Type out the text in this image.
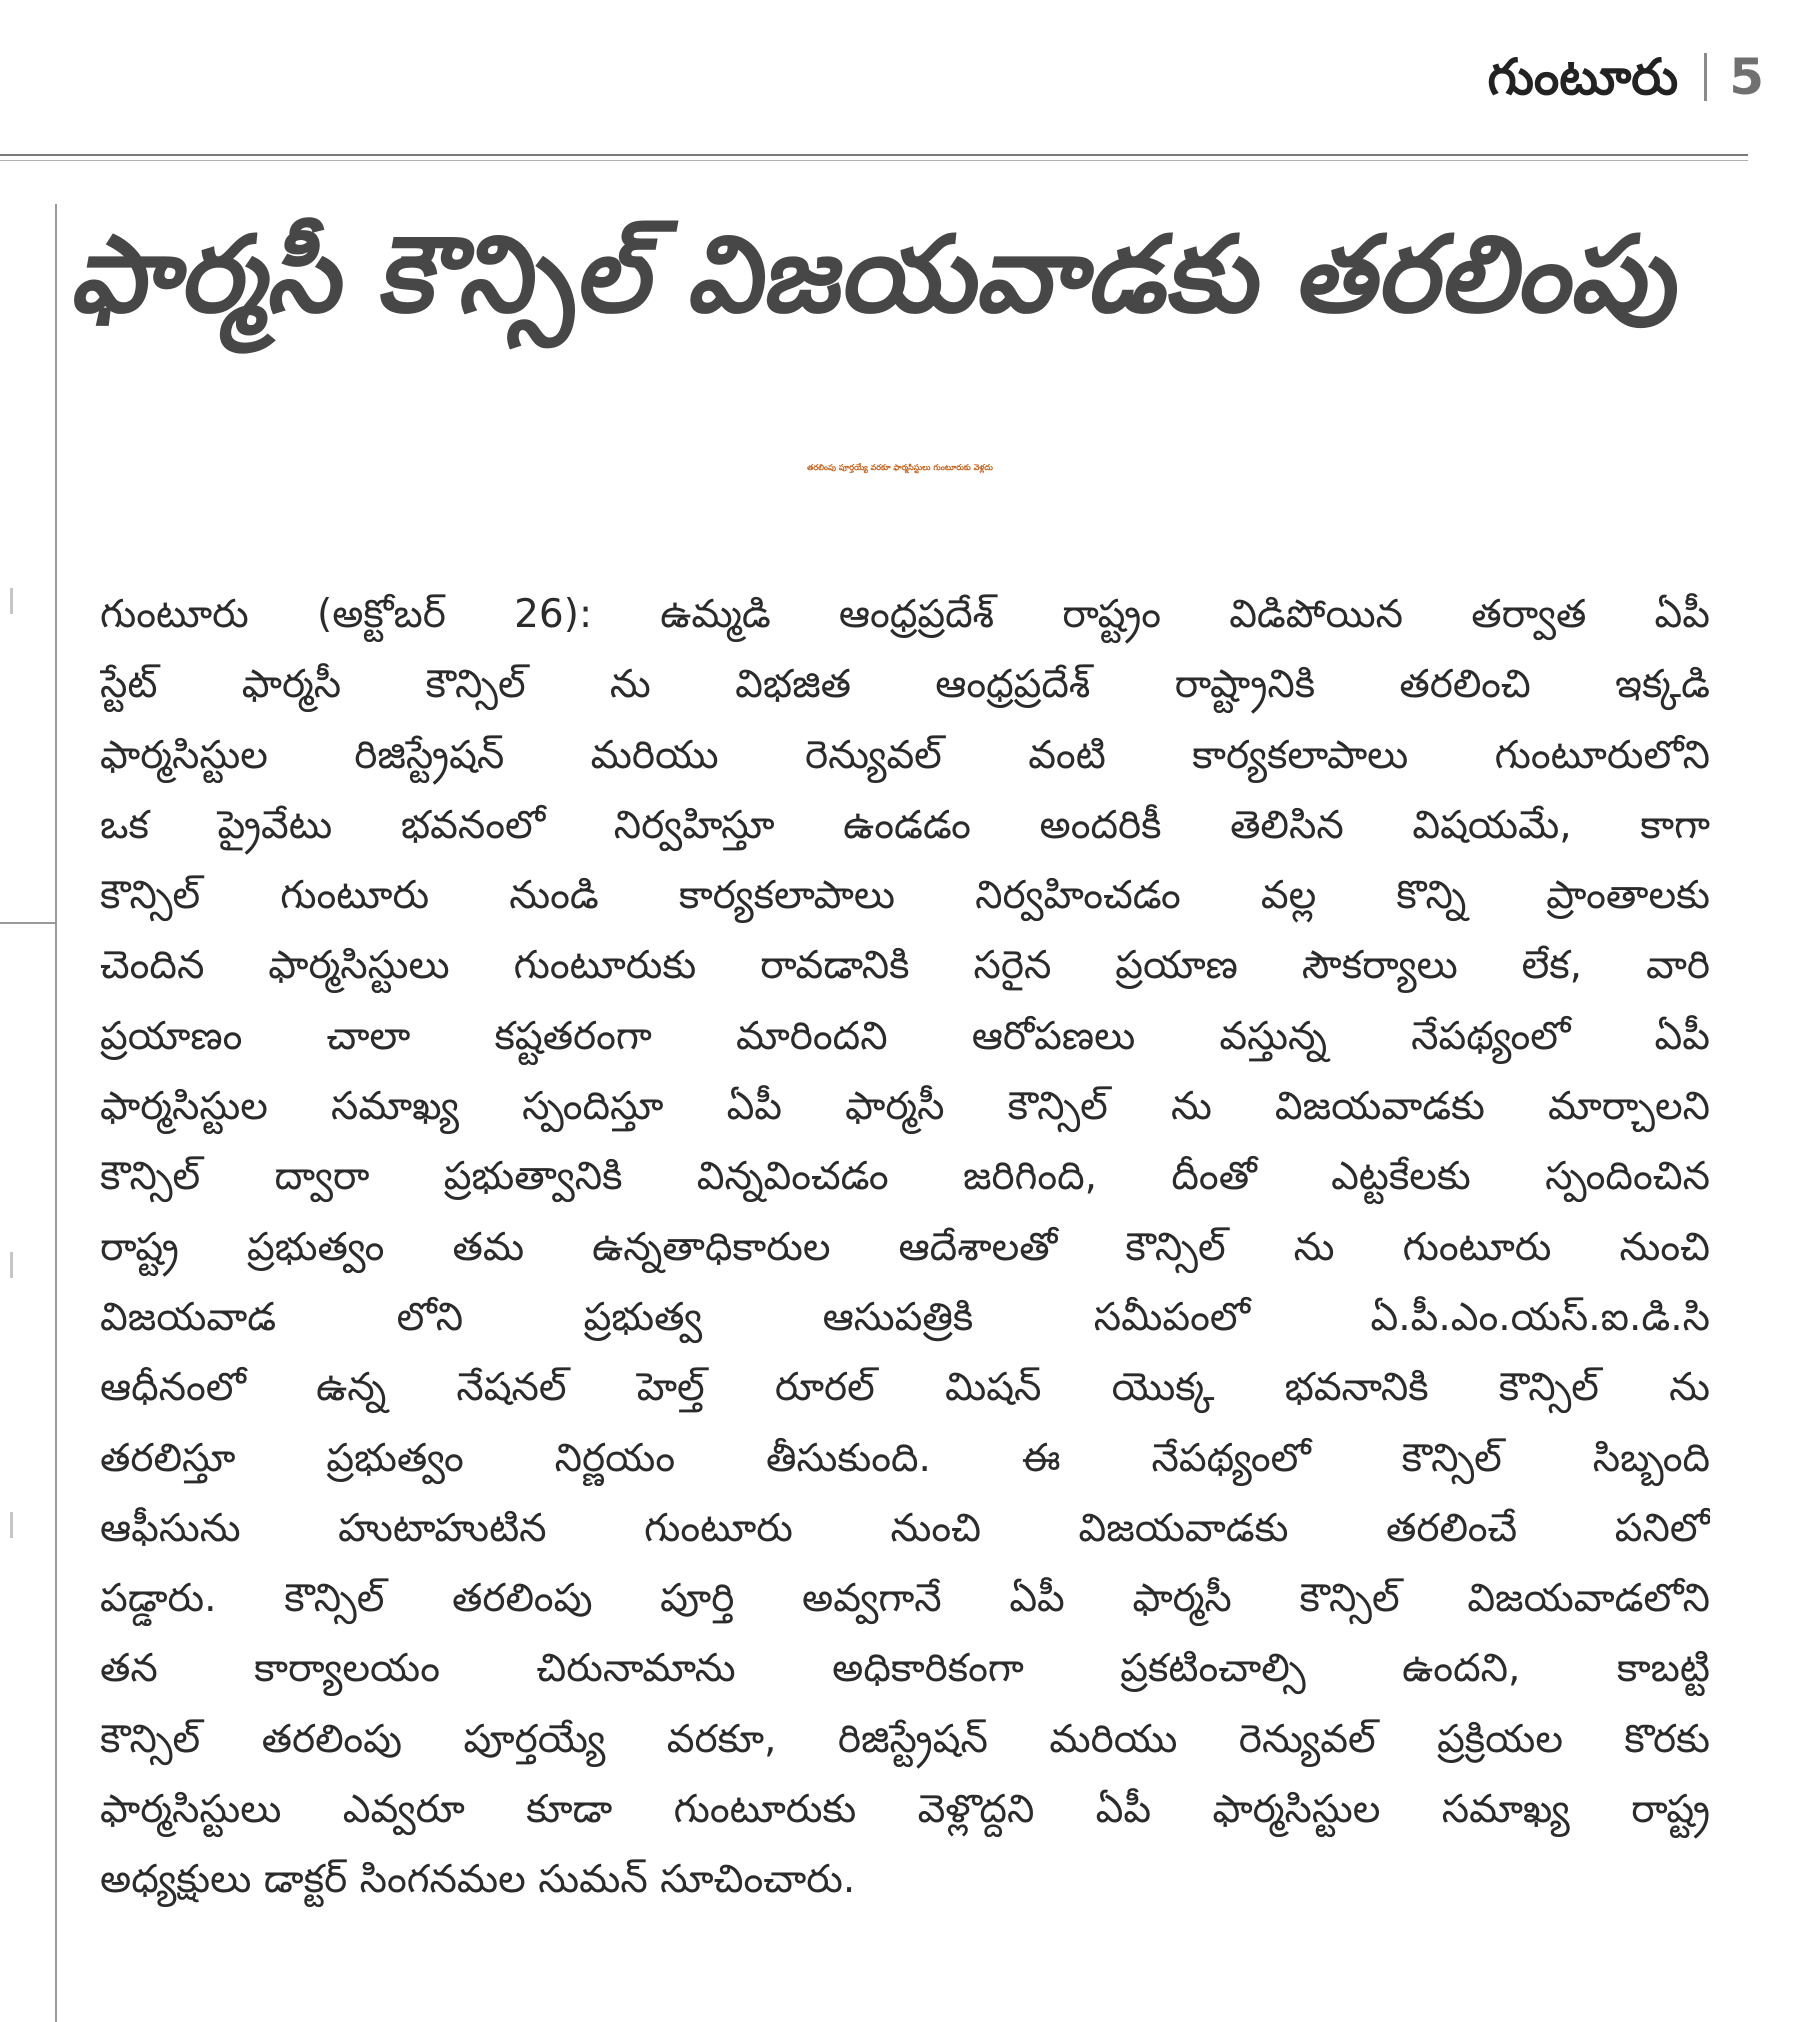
గుంటూరు 5
ఫార్మసీ కౌన్సిల్ విజయవాడకు తరలింపు
తరలింపు పూర్తయ్యే వరకూ ఫార్మసిస్టులు గుంటూరుకు వెళ్లదు
గుంటూరు (అక్టోబర్ 26): ఉమ్మడి ఆంధ్రప్రదేశ్ రాష్ట్రం విడిపోయిన తర్వాత ఏపీ
స్టేట్ ఫార్మసీ కౌన్సిల్ ను విభజిత ఆంధ్రప్రదేశ్ రాష్ట్రానికి తరలించి ఇక్కడి
ఫార్మసిస్టుల రిజిస్ట్రేషన్ మరియు రెన్యువల్ వంటి కార్యకలాపాలు గుంటూరులోని
ఒక ప్రైవేటు భవనంలో నిర్వహిస్తూ ఉండడం అందరికీ తెలిసిన విషయమే, కాగా
కౌన్సిల్ గుంటూరు నుండి కార్యకలాపాలు నిర్వహించడం వల్ల కొన్ని ప్రాంతాలకు
చెందిన ఫార్మసిస్టులు గుంటూరుకు రావడానికి సరైన ప్రయాణ సౌకర్యాలు లేక, వారి
ప్రయాణం చాలా కష్టతరంగా మారిందని ఆరోపణలు వస్తున్న నేపథ్యంలో ఏపీ
ఫార్మసిస్టుల సమాఖ్య స్పందిస్తూ ఏపీ ఫార్మసీ కౌన్సిల్ ను విజయవాడకు మార్చాలని
కౌన్సిల్ ద్వారా ప్రభుత్వానికి విన్నవించడం జరిగింది, దీంతో ఎట్టకేలకు స్పందించిన
రాష్ట్ర ప్రభుత్వం తమ ఉన్నతాధికారుల ఆదేశాలతో కౌన్సిల్ ను గుంటూరు నుంచి
విజయవాడ లోని ప్రభుత్వ ఆసుపత్రికి సమీపంలో ఏ.పీ.ఎం.యస్.ఐ.డి.సి
ఆధీనంలో ఉన్న నేషనల్ హెల్త్ రూరల్ మిషన్ యొక్క భవనానికి కౌన్సిల్ ను
తరలిస్తూ ప్రభుత్వం నిర్ణయం తీసుకుంది. ఈ నేపథ్యంలో కౌన్సిల్ సిబ్బంది
ఆఫీసును హుటాహుటిన గుంటూరు నుంచి విజయవాడకు తరలించే పనిలో
పడ్డారు. కౌన్సిల్ తరలింపు పూర్తి అవ్వగానే ఏపీ ఫార్మసీ కౌన్సిల్ విజయవాడలోని
తన కార్యాలయం చిరునామాను అధికారికంగా ప్రకటించాల్సి ఉందని, కాబట్టి
కౌన్సిల్ తరలింపు పూర్తయ్యే వరకూ, రిజిస్ట్రేషన్ మరియు రెన్యువల్ ప్రక్రియల కొరకు
ఫార్మసిస్టులు ఎవ్వరూ కూడా గుంటూరుకు వెళ్లొద్దని ఏపీ ఫార్మసిస్టుల సమాఖ్య రాష్ట్ర
అధ్యక్షులు డాక్టర్ సింగనమల సుమన్ సూచించారు.
